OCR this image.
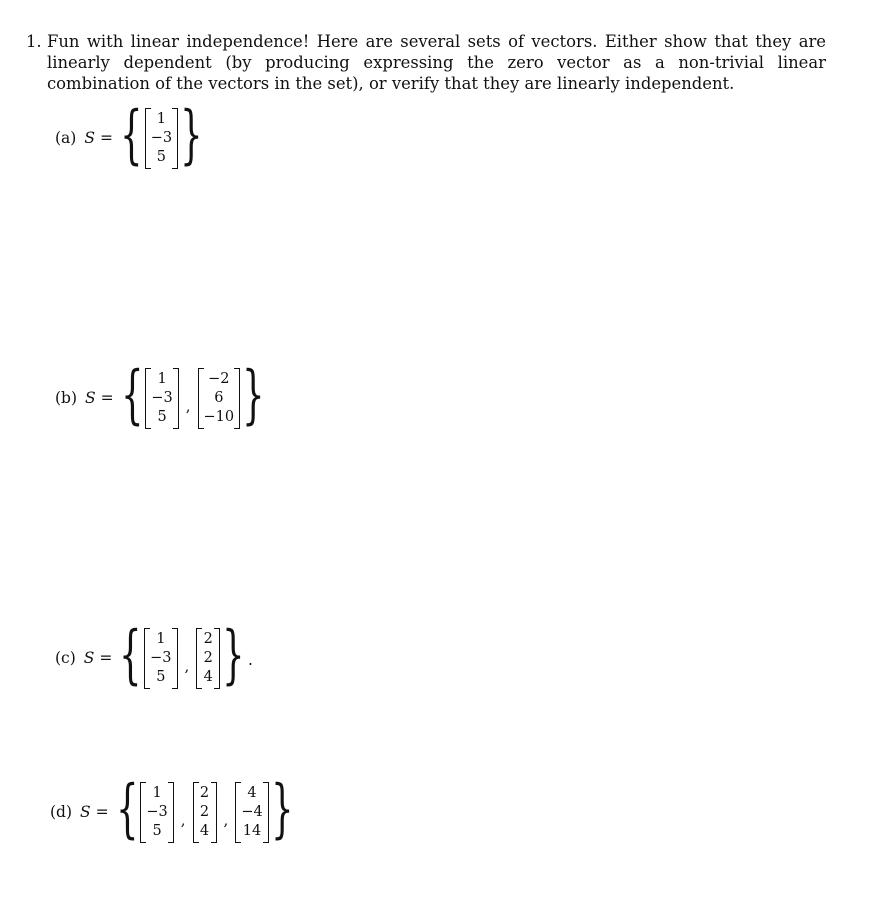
1. Fun with linear independence! Here are several sets of vectors. Either show that they are linearly dependent (by producing expressing the zero vector as a non-trivial linear combination of the vectors in the set), or verify that they are linearly independent.
(a) S = { 1
−3
5 }
(b) S = { 1
−3
5
,
−2
6
−10 }
(c) S = { 1
−3
5
,
2
2
4 } .
(d) S = { 1
−3
5
,
2
2
4
,
4
−4
14 }
